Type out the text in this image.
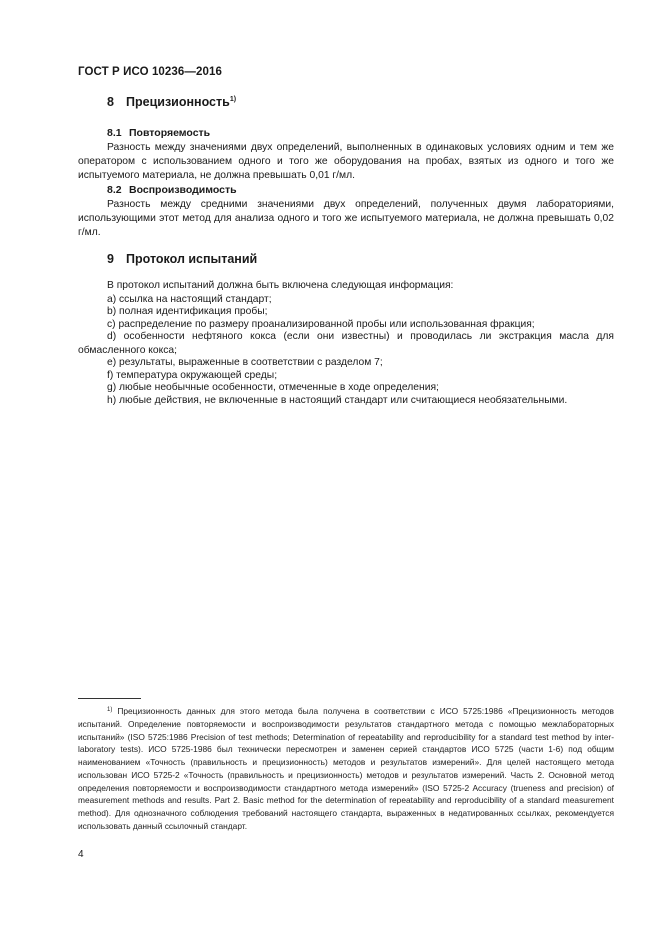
ГОСТ Р ИСО 10236—2016
8 Прецизионность$^{1)}$
8.1 Повторяемость

Разность между значениями двух определений, выполненных в одинаковых условиях одним и тем же оператором с использованием одного и того же оборудования на пробах, взятых из одного и того же испытуемого материала, не должна превышать 0,01 г/мл.

8.2 Воспроизводимость

Разность между средними значениями двух определений, полученных двумя лабораториями, использующими этот метод для анализа одного и того же испытуемого материала, не должна превышать 0,02 г/мл.

9 Протокол испытаний
В протокол испытаний должна быть включена следующая информация:
a) ссылка на настоящий стандарт;
b) полная идентификация пробы;
c) распределение по размеру проанализированной пробы или использованная фракция;

d) особенности нефтяного кокса (если они известны) и проводилась ли экстракция масла для обмасленного кокса;

e) результаты, выраженные в соответствии с разделом 7;
f) температура окружающей среды;
g) любые необычные особенности, отмеченные в ходе определения;
h) любые действия, не включенные в настоящий стандарт или считающиеся необязательными.

$^{1)}$ Прецизионность данных для этого метода была получена в соответствии с ИСО 5725:1986 «Прецизионность методов испытаний. Определение повторяемости и воспроизводимости результатов стандартного метода с помощью межлабораторных испытаний» (ISO 5725:1986 Precision of test methods; Determination of repeatability and reproducibility for a standard test method by inter-laboratory tests). ИСО 5725-1986 был технически пересмотрен и заменен серией стандартов ИСО 5725 (части 1-6) под общим наименованием «Точность (правильность и прецизионность) методов и результатов измерений». Для целей настоящего метода использован ИСО 5725-2 «Точность (правильность и прецизионность) методов и результатов измерений. Часть 2. Основной метод определения повторяемости и воспроизводимости стандартного метода измерений» (ISO 5725-2 Accuracy (trueness and precision) of measurement methods and results. Part 2. Basic method for the determination of repeatability and reproducibility of a standard measurement method). Для однозначного соблюдения требований настоящего стандарта, выраженных в недатированных ссылках, рекомендуется использовать данный ссылочный стандарт.

4
